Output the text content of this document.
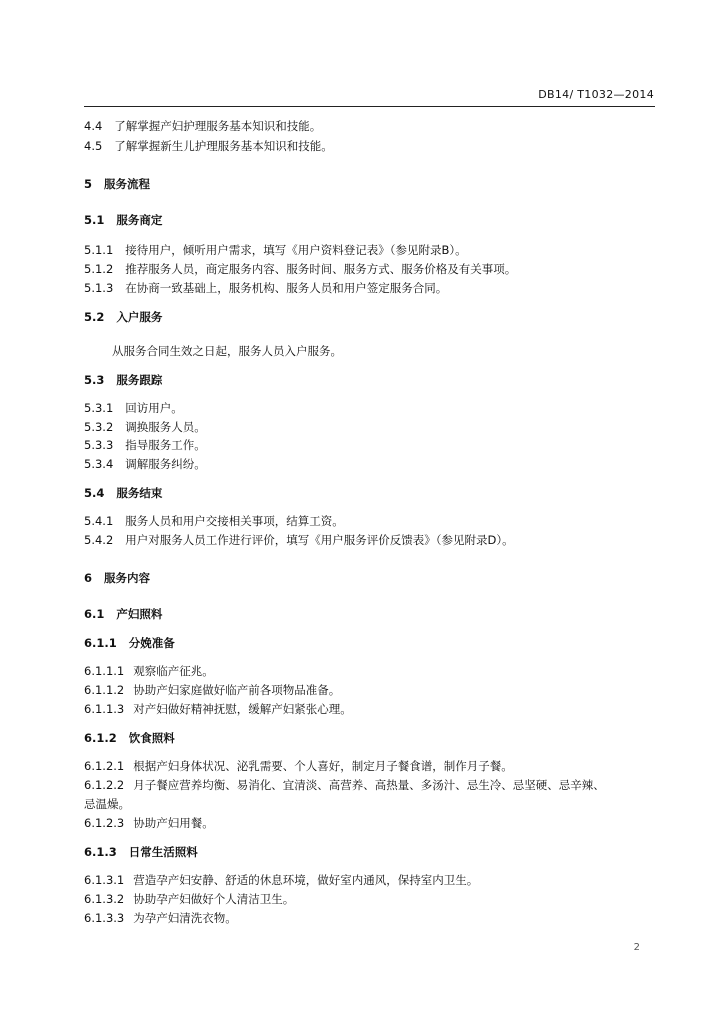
DB14/ T1032—2014
4.4 了解掌握产妇护理服务基本知识和技能。
4.5 了解掌握新生儿护理服务基本知识和技能。
5 服务流程
5.1 服务商定
5.1.1 接待用户，倾听用户需求，填写《用户资料登记表》（参见附录B）。
5.1.2 推荐服务人员，商定服务内容、服务时间、服务方式、服务价格及有关事项。
5.1.3 在协商一致基础上，服务机构、服务人员和用户签定服务合同。
5.2 入户服务
从服务合同生效之日起，服务人员入户服务。
5.3 服务跟踪
5.3.1 回访用户。
5.3.2 调换服务人员。
5.3.3 指导服务工作。
5.3.4 调解服务纠纷。
5.4 服务结束
5.4.1 服务人员和用户交接相关事项，结算工资。
5.4.2 用户对服务人员工作进行评价，填写《用户服务评价反馈表》（参见附录D）。
6 服务内容
6.1 产妇照料
6.1.1 分娩准备
6.1.1.1 观察临产征兆。
6.1.1.2 协助产妇家庭做好临产前各项物品准备。
6.1.1.3 对产妇做好精神抚慰，缓解产妇紧张心理。
6.1.2 饮食照料
6.1.2.1 根据产妇身体状况、泌乳需要、个人喜好，制定月子餐食谱，制作月子餐。
6.1.2.2 月子餐应营养均衡、易消化、宜清淡、高营养、高热量、多汤汁、忌生冷、忌坚硬、忌辛辣、
忌温燥。
6.1.2.3 协助产妇用餐。
6.1.3 日常生活照料
6.1.3.1 营造孕产妇安静、舒适的休息环境，做好室内通风，保持室内卫生。
6.1.3.2 协助孕产妇做好个人清洁卫生。
6.1.3.3 为孕产妇清洗衣物。
2
